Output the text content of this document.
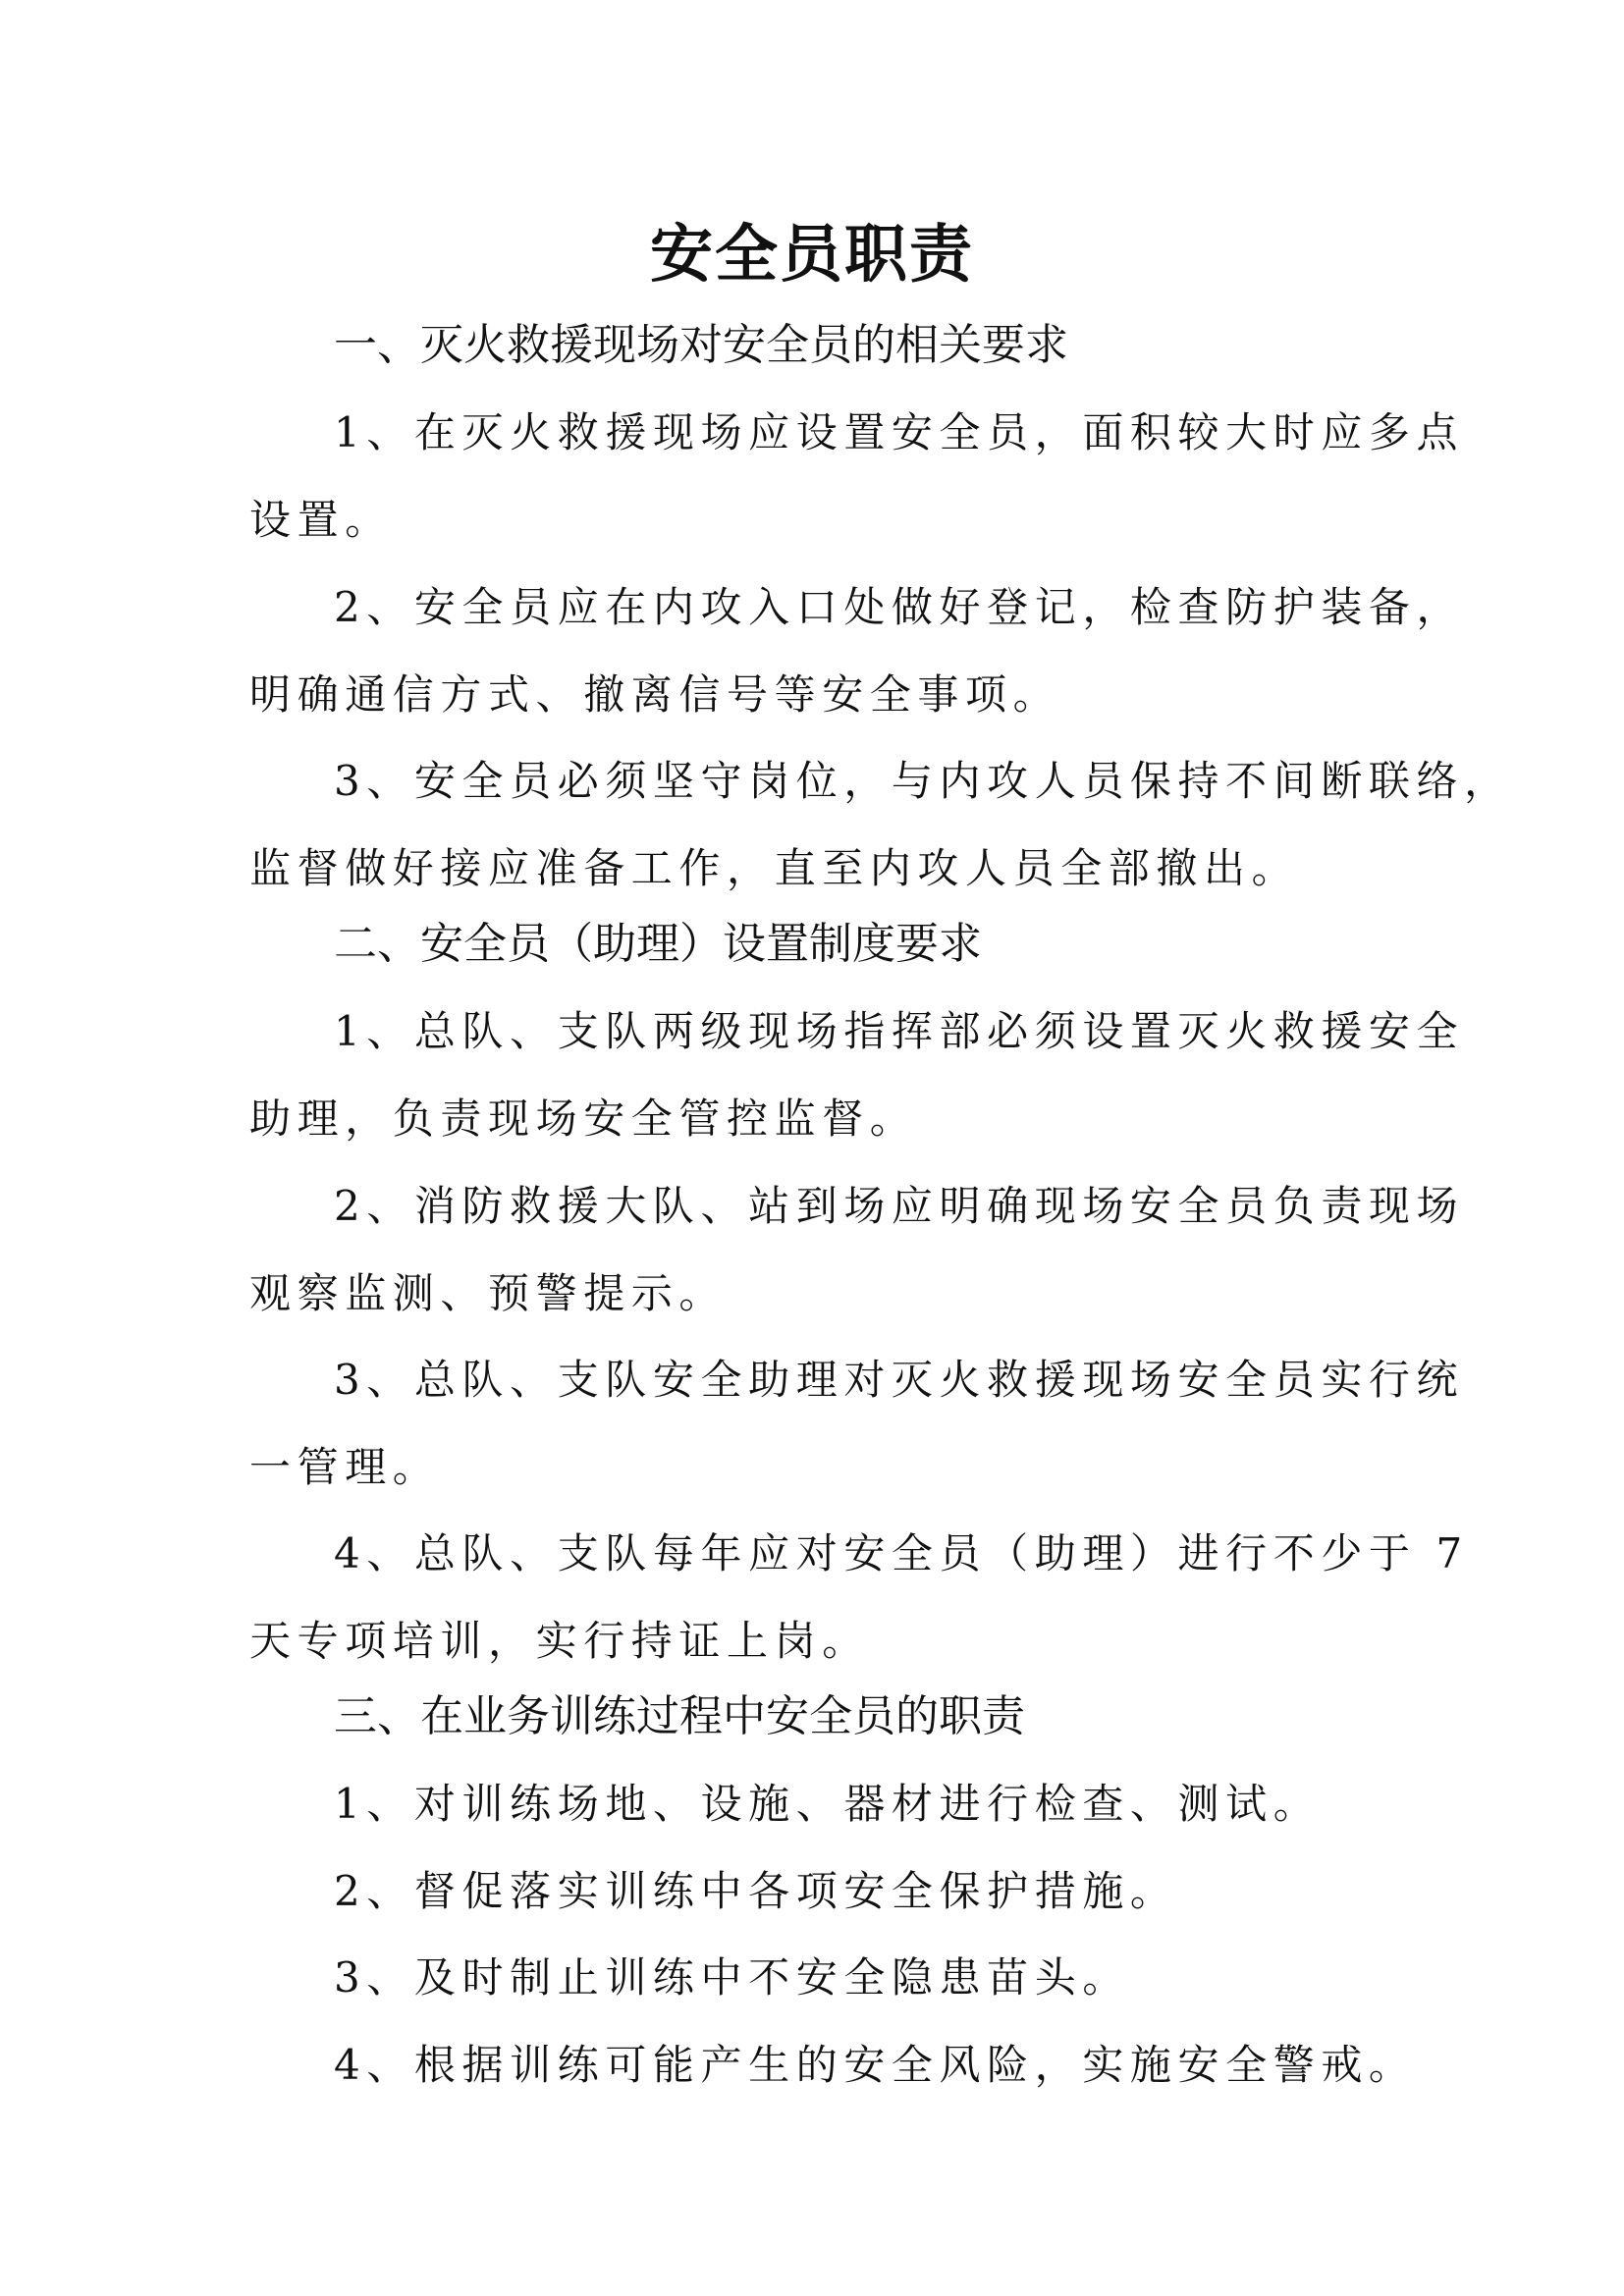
安全员职责

一、灭火救援现场对安全员的相关要求

1、在灭火救援现场应设置安全员，面积较大时应多点

设置。

2、安全员应在内攻入口处做好登记，检查防护装备，

明确通信方式、撤离信号等安全事项。

3、安全员必须坚守岗位，与内攻人员保持不间断联络，

监督做好接应准备工作，直至内攻人员全部撤出。

二、安全员（助理）设置制度要求

1、总队、支队两级现场指挥部必须设置灭火救援安全

助理，负责现场安全管控监督。

2、消防救援大队、站到场应明确现场安全员负责现场

观察监测、预警提示。

3、总队、支队安全助理对灭火救援现场安全员实行统

一管理。

4、总队、支队每年应对安全员（助理）进行不少于 7

天专项培训，实行持证上岗。

三、在业务训练过程中安全员的职责

1、对训练场地、设施、器材进行检查、测试。

2、督促落实训练中各项安全保护措施。

3、及时制止训练中不安全隐患苗头。

4、根据训练可能产生的安全风险，实施安全警戒。
